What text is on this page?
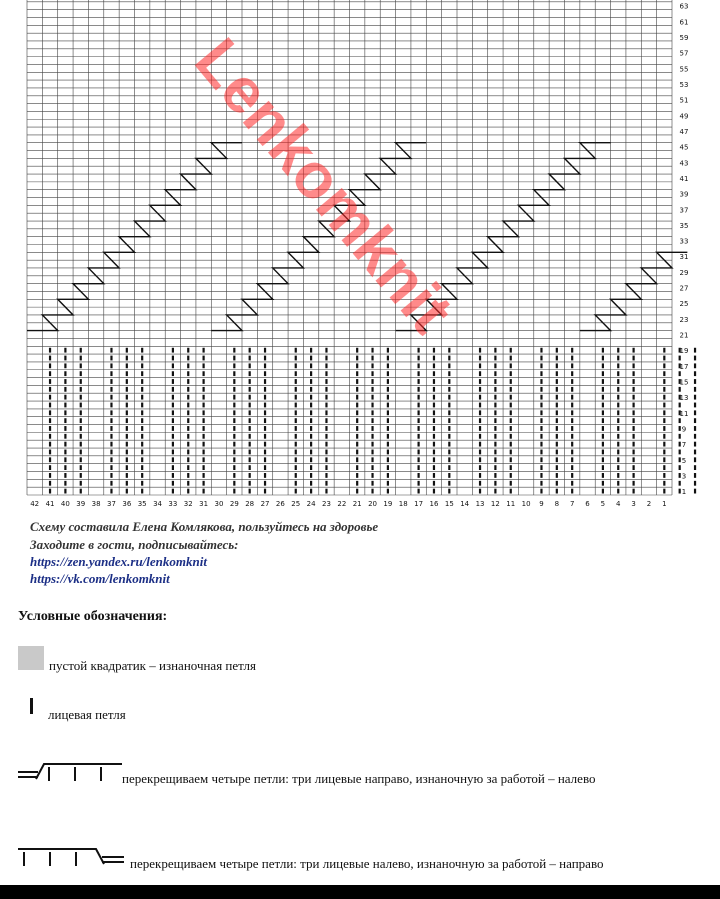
63
61
59
57
55
53
51
49
47
45
43
41
39
37
35
33
31
29
27
25
23
21
19
17
15
13
11
9
7
5
3
1
42 41 40 39 38 37 36 35 34 33 32 31 30 29 28 27 26 25 24 23 22 21 20 19 18 17 16 15 14 13 12 11 10 9 8 7 6 5 4 3 2 1
Lenkomknit
Схему составила Елена Комлякова, пользуйтесь на здоровье
Заходите в гости, подписывайтесь:
https://zen.yandex.ru/lenkomknit
https://vk.com/lenkomknit
Условные обозначения:
пустой квадратик – изнаночная петля
лицевая петля
перекрещиваем четыре петли: три лицевые направо, изнаночную за работой – налево
перекрещиваем четыре петли: три лицевые налево, изнаночную за работой – направо
